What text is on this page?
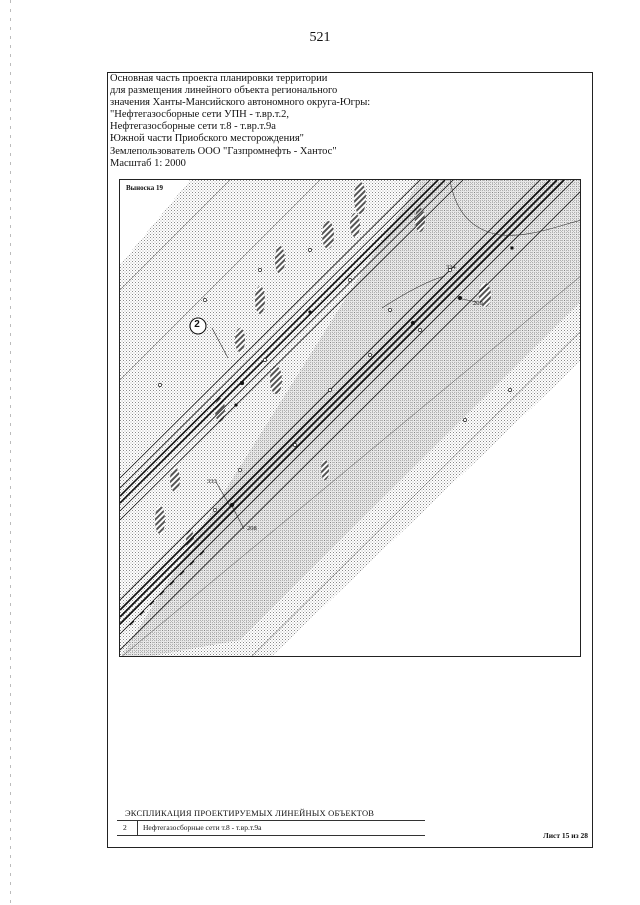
521
Основная часть проекта планировки территории
для размещения линейного объекта регионального
значения Ханты-Мансийского автономного округа-Югры:
"Нефтегазосборные сети УПН - т.вр.т.2,
Нефтегазосборные сети т.8 - т.вр.т.9а
Южной части Приобского месторождения"
Землепользователь ООО "Газпромнефть - Хантос"
Масштаб 1: 2000
Выноска 19
2
334
209
333
208
ЭКСПЛИКАЦИЯ ПРОЕКТИРУЕМЫХ ЛИНЕЙНЫХ ОБЪЕКТОВ
2 Нефтегазосборные сети т.8 - т.вр.т.9а
Лист 15 из 28
